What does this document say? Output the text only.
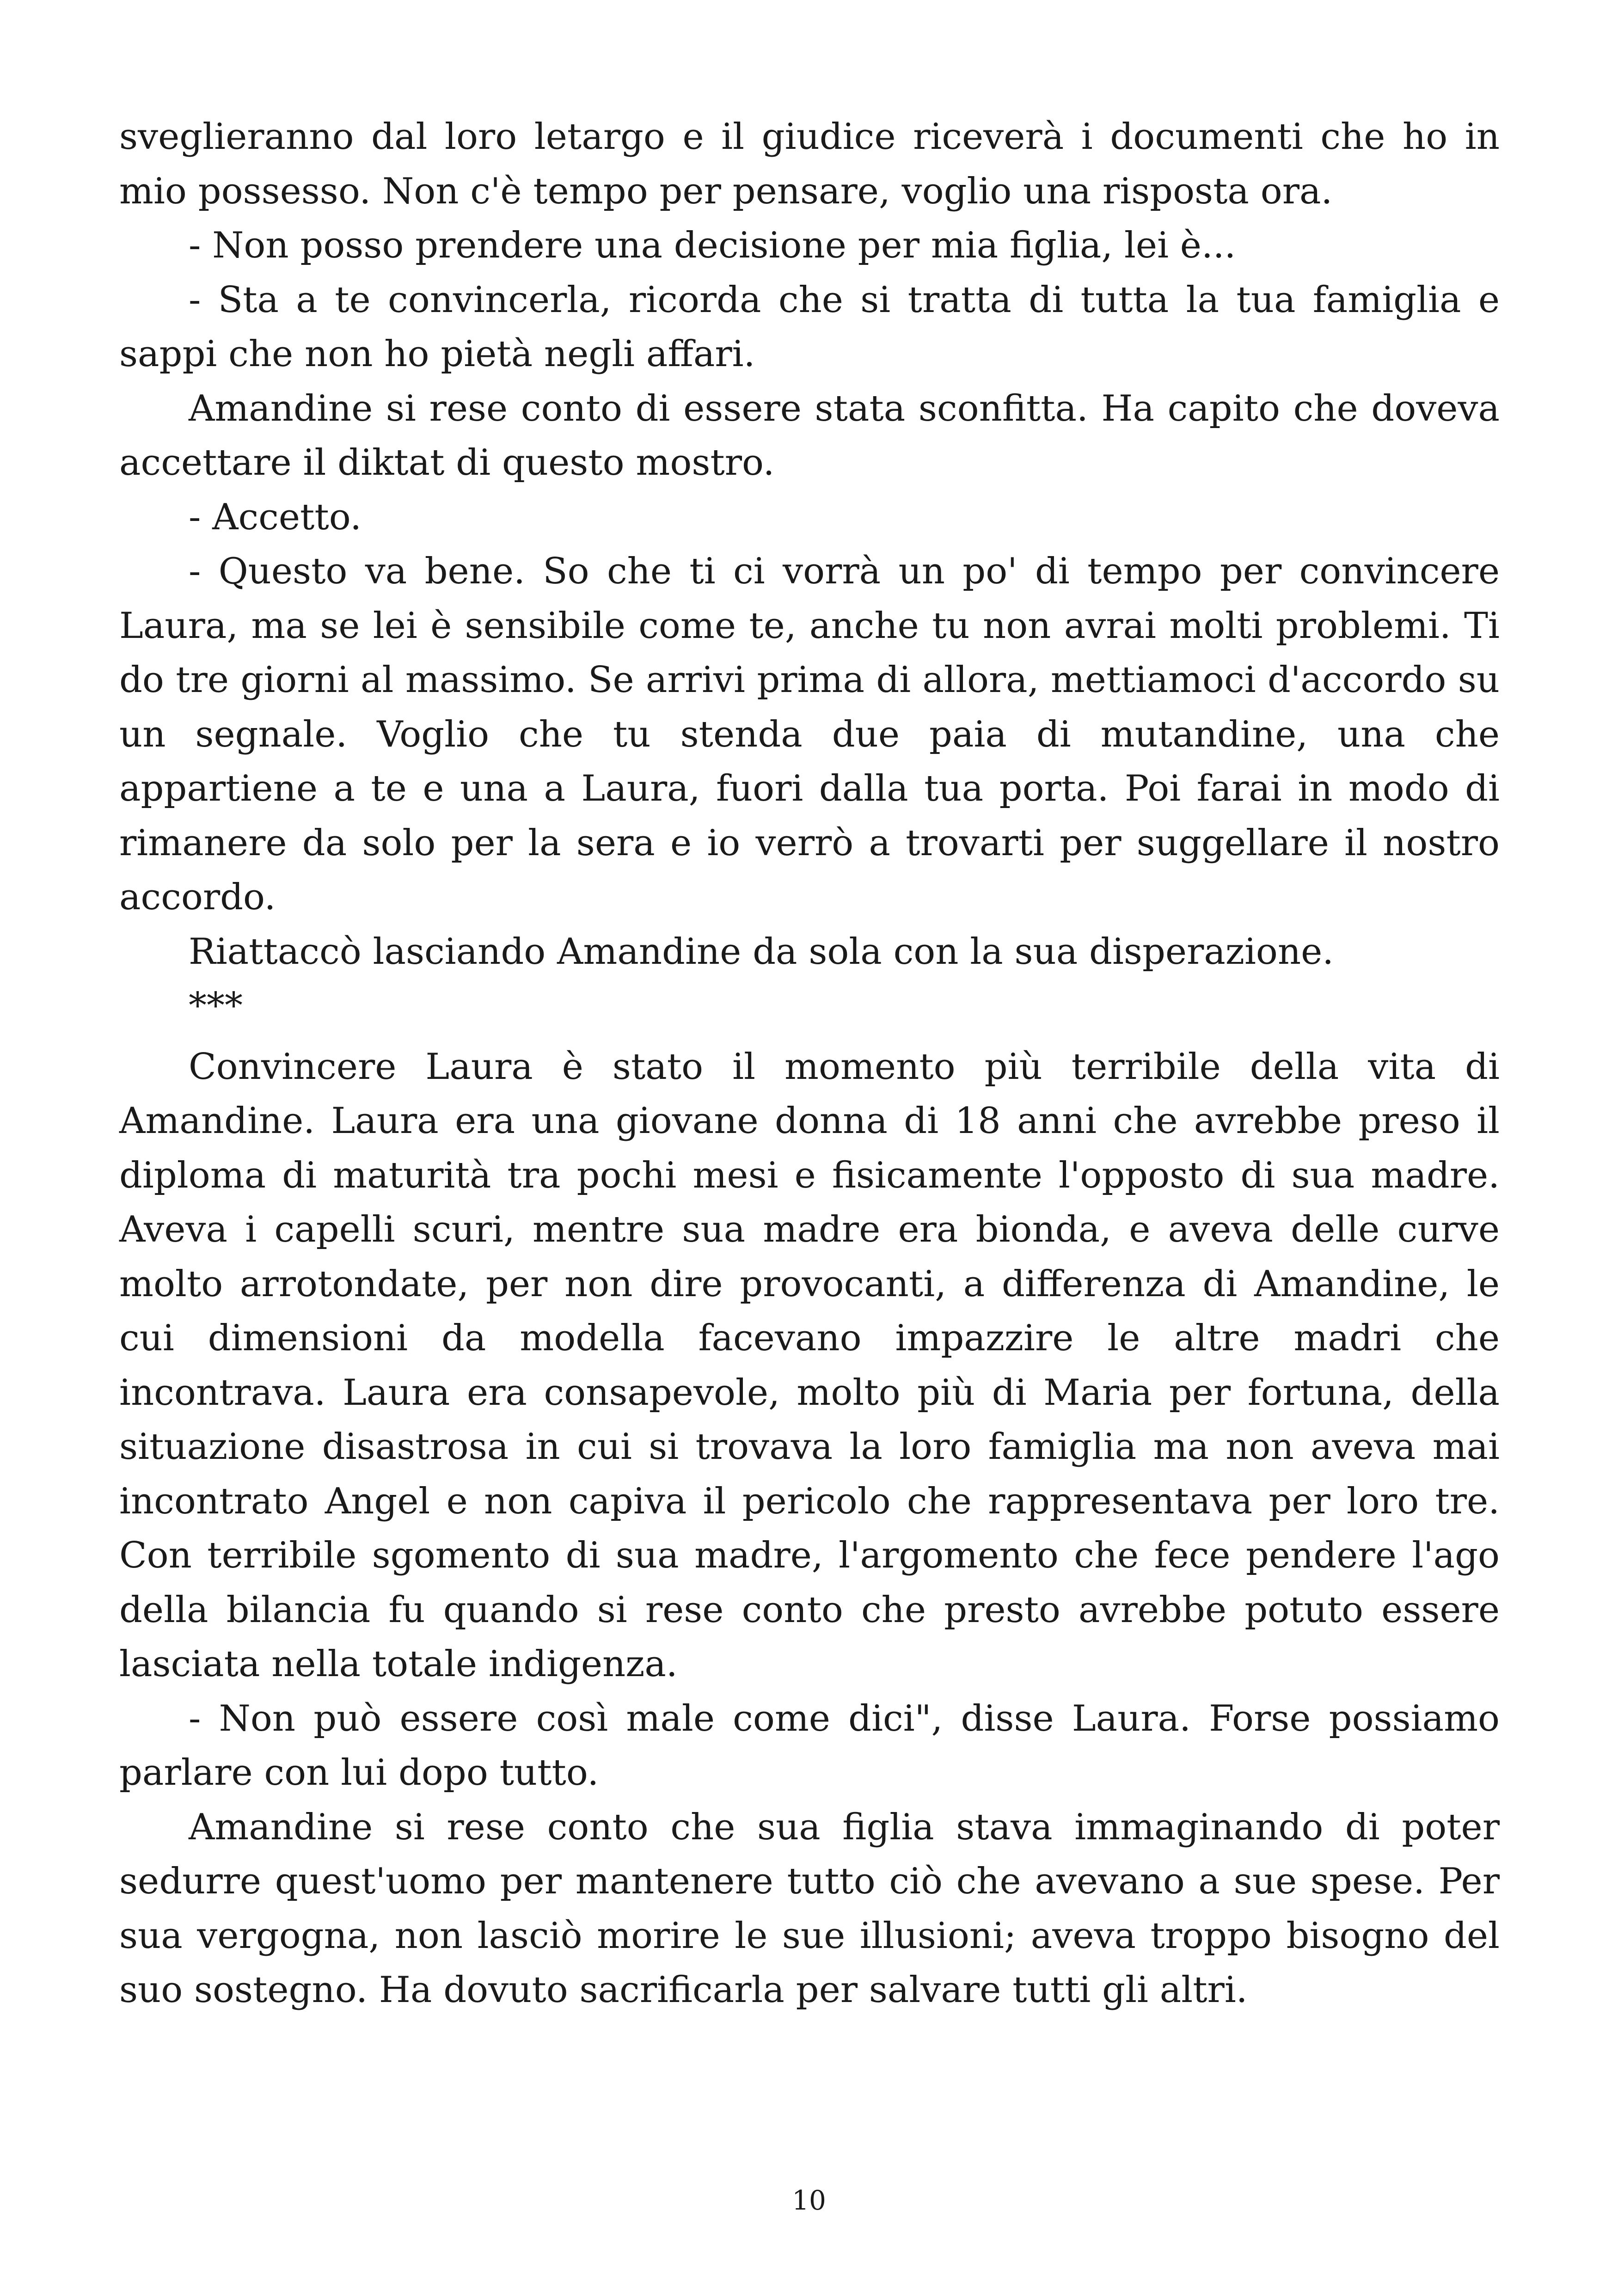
sveglieranno dal loro letargo e il giudice riceverà i documenti che ho in mio possesso. Non c'è tempo per pensare, voglio una risposta ora.

- Non posso prendere una decisione per mia figlia, lei è...

- Sta a te convincerla, ricorda che si tratta di tutta la tua famiglia e sappi che non ho pietà negli affari.

Amandine si rese conto di essere stata sconfitta. Ha capito che doveva accettare il diktat di questo mostro.

- Accetto.

- Questo va bene. So che ti ci vorrà un po' di tempo per convincere Laura, ma se lei è sensibile come te, anche tu non avrai molti problemi. Ti do tre giorni al massimo. Se arrivi prima di allora, mettiamoci d'accordo su un segnale. Voglio che tu stenda due paia di mutandine, una che appartiene a te e una a Laura, fuori dalla tua porta. Poi farai in modo di rimanere da solo per la sera e io verrò a trovarti per suggellare il nostro accordo.

Riattaccò lasciando Amandine da sola con la sua disperazione.

***

Convincere Laura è stato il momento più terribile della vita di Amandine. Laura era una giovane donna di 18 anni che avrebbe preso il diploma di maturità tra pochi mesi e fisicamente l'opposto di sua madre. Aveva i capelli scuri, mentre sua madre era bionda, e aveva delle curve molto arrotondate, per non dire provocanti, a differenza di Amandine, le cui dimensioni da modella facevano impazzire le altre madri che incontrava. Laura era consapevole, molto più di Maria per fortuna, della situazione disastrosa in cui si trovava la loro famiglia ma non aveva mai incontrato Angel e non capiva il pericolo che rappresentava per loro tre. Con terribile sgomento di sua madre, l'argomento che fece pendere l'ago della bilancia fu quando si rese conto che presto avrebbe potuto essere lasciata nella totale indigenza.

- Non può essere così male come dici", disse Laura. Forse possiamo parlare con lui dopo tutto.

Amandine si rese conto che sua figlia stava immaginando di poter sedurre quest'uomo per mantenere tutto ciò che avevano a sue spese. Per sua vergogna, non lasciò morire le sue illusioni; aveva troppo bisogno del suo sostegno. Ha dovuto sacrificarla per salvare tutti gli altri.

10
